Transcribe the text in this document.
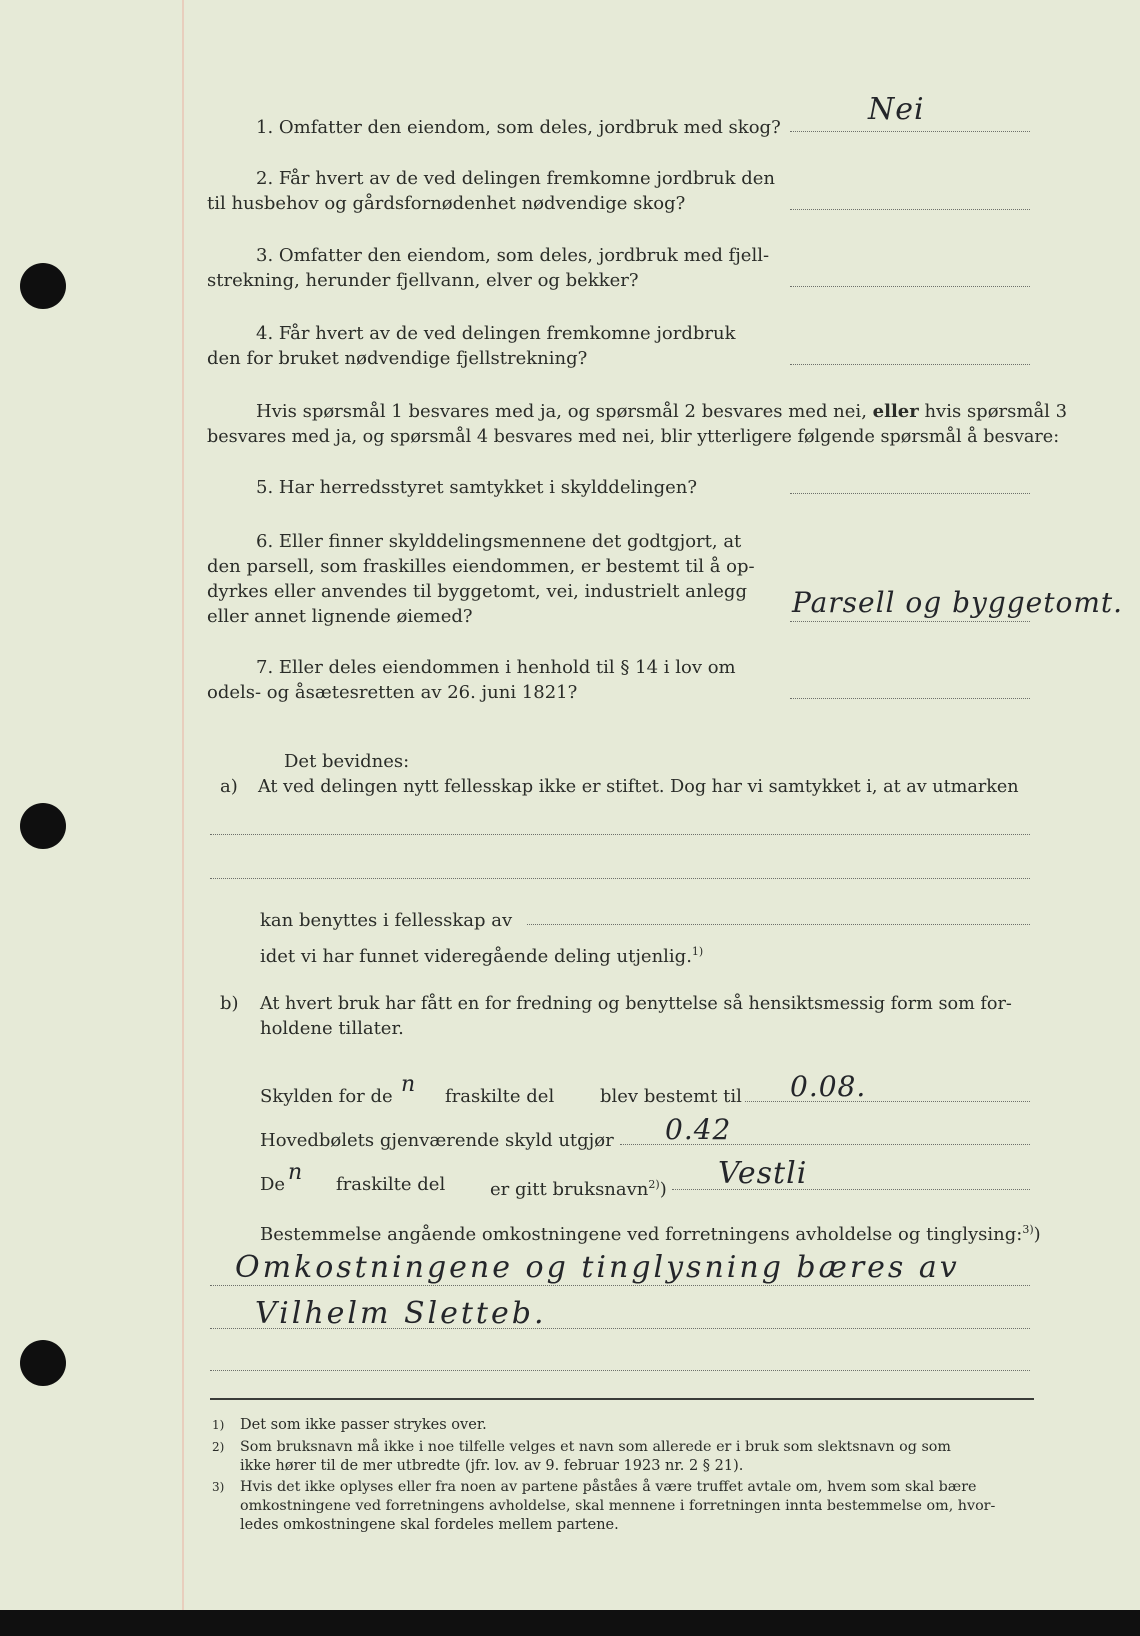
1. Omfatter den eiendom, som deles, jordbruk med skog?
Nei
2. Får hvert av de ved delingen fremkomne jordbruk den
til husbehov og gårdsfornødenhet nødvendige skog?
3. Omfatter den eiendom, som deles, jordbruk med fjell-
strekning, herunder fjellvann, elver og bekker?
4. Får hvert av de ved delingen fremkomne jordbruk
den for bruket nødvendige fjellstrekning?
Hvis spørsmål 1 besvares med ja, og spørsmål 2 besvares med nei, eller hvis spørsmål 3
besvares med ja, og spørsmål 4 besvares med nei, blir ytterligere følgende spørsmål å besvare:
5. Har herredsstyret samtykket i skylddelingen?
6. Eller finner skylddelingsmennene det godtgjort, at
den parsell, som fraskilles eiendommen, er bestemt til å op-
dyrkes eller anvendes til byggetomt, vei, industrielt anlegg
eller annet lignende øiemed?	Parsell og byggetomt.
7. Eller deles eiendommen i henhold til § 14 i lov om
odels- og åsætesretten av 26. juni 1821?
Det bevidnes:
a) At ved delingen nytt fellesskap ikke er stiftet. Dog har vi samtykket i, at av utmarken
kan benyttes i fellesskap av
idet vi har funnet videregående deling utjenlig.$^{1)}$
b) At hvert bruk har fått en for fredning og benyttelse så hensiktsmessig form som for-
holdene tillater.
Skylden for de n fraskilte del	blev bestemt til 0.08.
Hovedbølets gjenværende skyld utgjør 0.42
De n fraskilte del er gitt bruksnavn$^{2)}$) Vestli
Bestemmelse angående omkostningene ved forretningens avholdelse og tinglysing:$^{3)}$)
Omkostningene og tinglysning bæres av
Vilhelm Sletteb.
1) Det som ikke passer strykes over.
2) Som bruksnavn må ikke i noe tilfelle velges et navn som allerede er i bruk som slektsnavn og som
ikke hører til de mer utbredte (jfr. lov. av 9. februar 1923 nr. 2 § 21).
3) Hvis det ikke oplyses eller fra noen av partene påståes å være truffet avtale om, hvem som skal bære
omkostningene ved forretningens avholdelse, skal mennene i forretningen innta bestemmelse om, hvor-
ledes omkostningene skal fordeles mellem partene.
